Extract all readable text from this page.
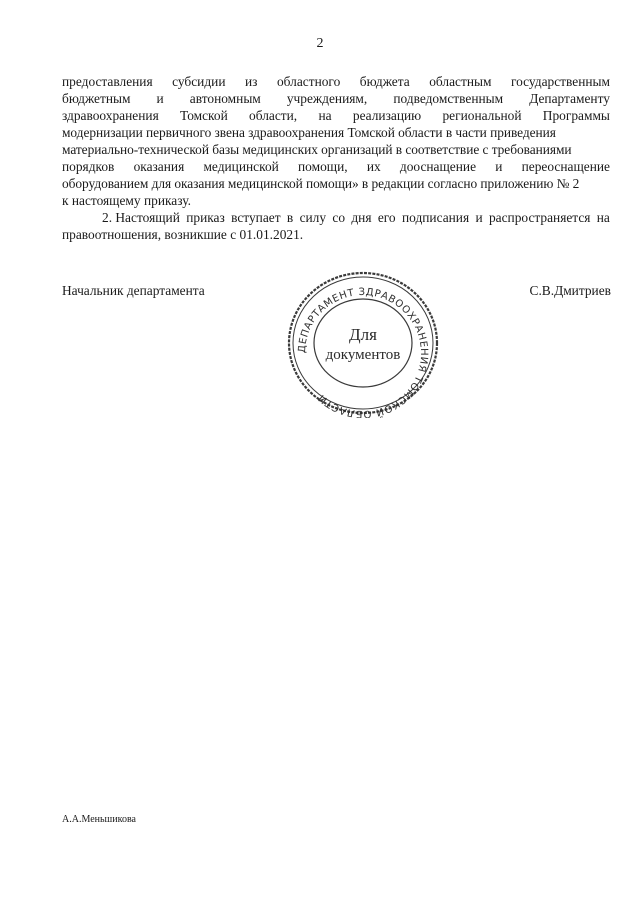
2
предоставления субсидии из областного бюджета областным государственным
бюджетным и автономным учреждениям, подведомственным Департаменту
здравоохранения Томской области, на реализацию региональной Программы
модернизации первичного звена здравоохранения Томской области в части приведения
материально-технической базы медицинских организаций в соответствие с требованиями
порядков оказания медицинской помощи, их дооснащение и переоснащение
оборудованием для оказания медицинской помощи» в редакции согласно приложению № 2
к настоящему приказу.
2. Настоящий приказ вступает в силу со дня его подписания и распространяется на
правоотношения, возникшие с 01.01.2021.
Начальник департамента	С.В.Дмитриев
ДЕПАРТАМЕНТ ЗДРАВООХРАНЕНИЯ ТОМСКОЙ ОБЛАСТИ
Для
документов
А.А.Меньшикова
